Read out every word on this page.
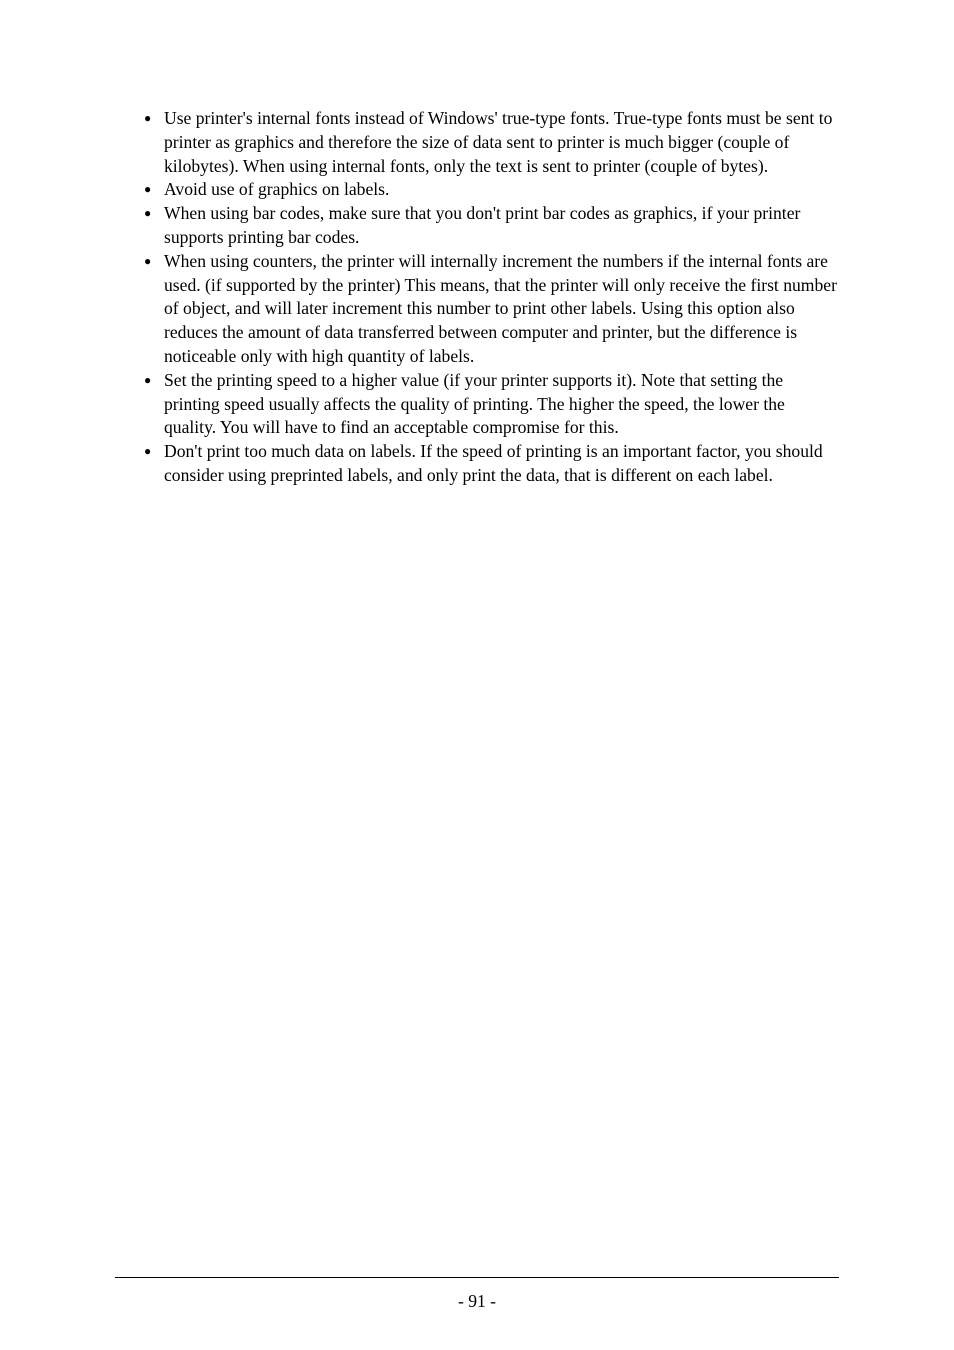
● Use printer's internal fonts instead of Windows' true-type fonts. True-type fonts must be sent to printer as graphics and therefore the size of data sent to printer is much bigger (couple of kilobytes). When using internal fonts, only the text is sent to printer (couple of bytes).
● Avoid use of graphics on labels.
● When using bar codes, make sure that you don't print bar codes as graphics, if your printer supports printing bar codes.
● When using counters, the printer will internally increment the numbers if the internal fonts are used. (if supported by the printer) This means, that the printer will only receive the first number of object, and will later increment this number to print other labels. Using this option also reduces the amount of data transferred between computer and printer, but the difference is noticeable only with high quantity of labels.
● Set the printing speed to a higher value (if your printer supports it). Note that setting the printing speed usually affects the quality of printing. The higher the speed, the lower the quality. You will have to find an acceptable compromise for this.
● Don't print too much data on labels. If the speed of printing is an important factor, you should consider using preprinted labels, and only print the data, that is different on each label.
- 91 -
